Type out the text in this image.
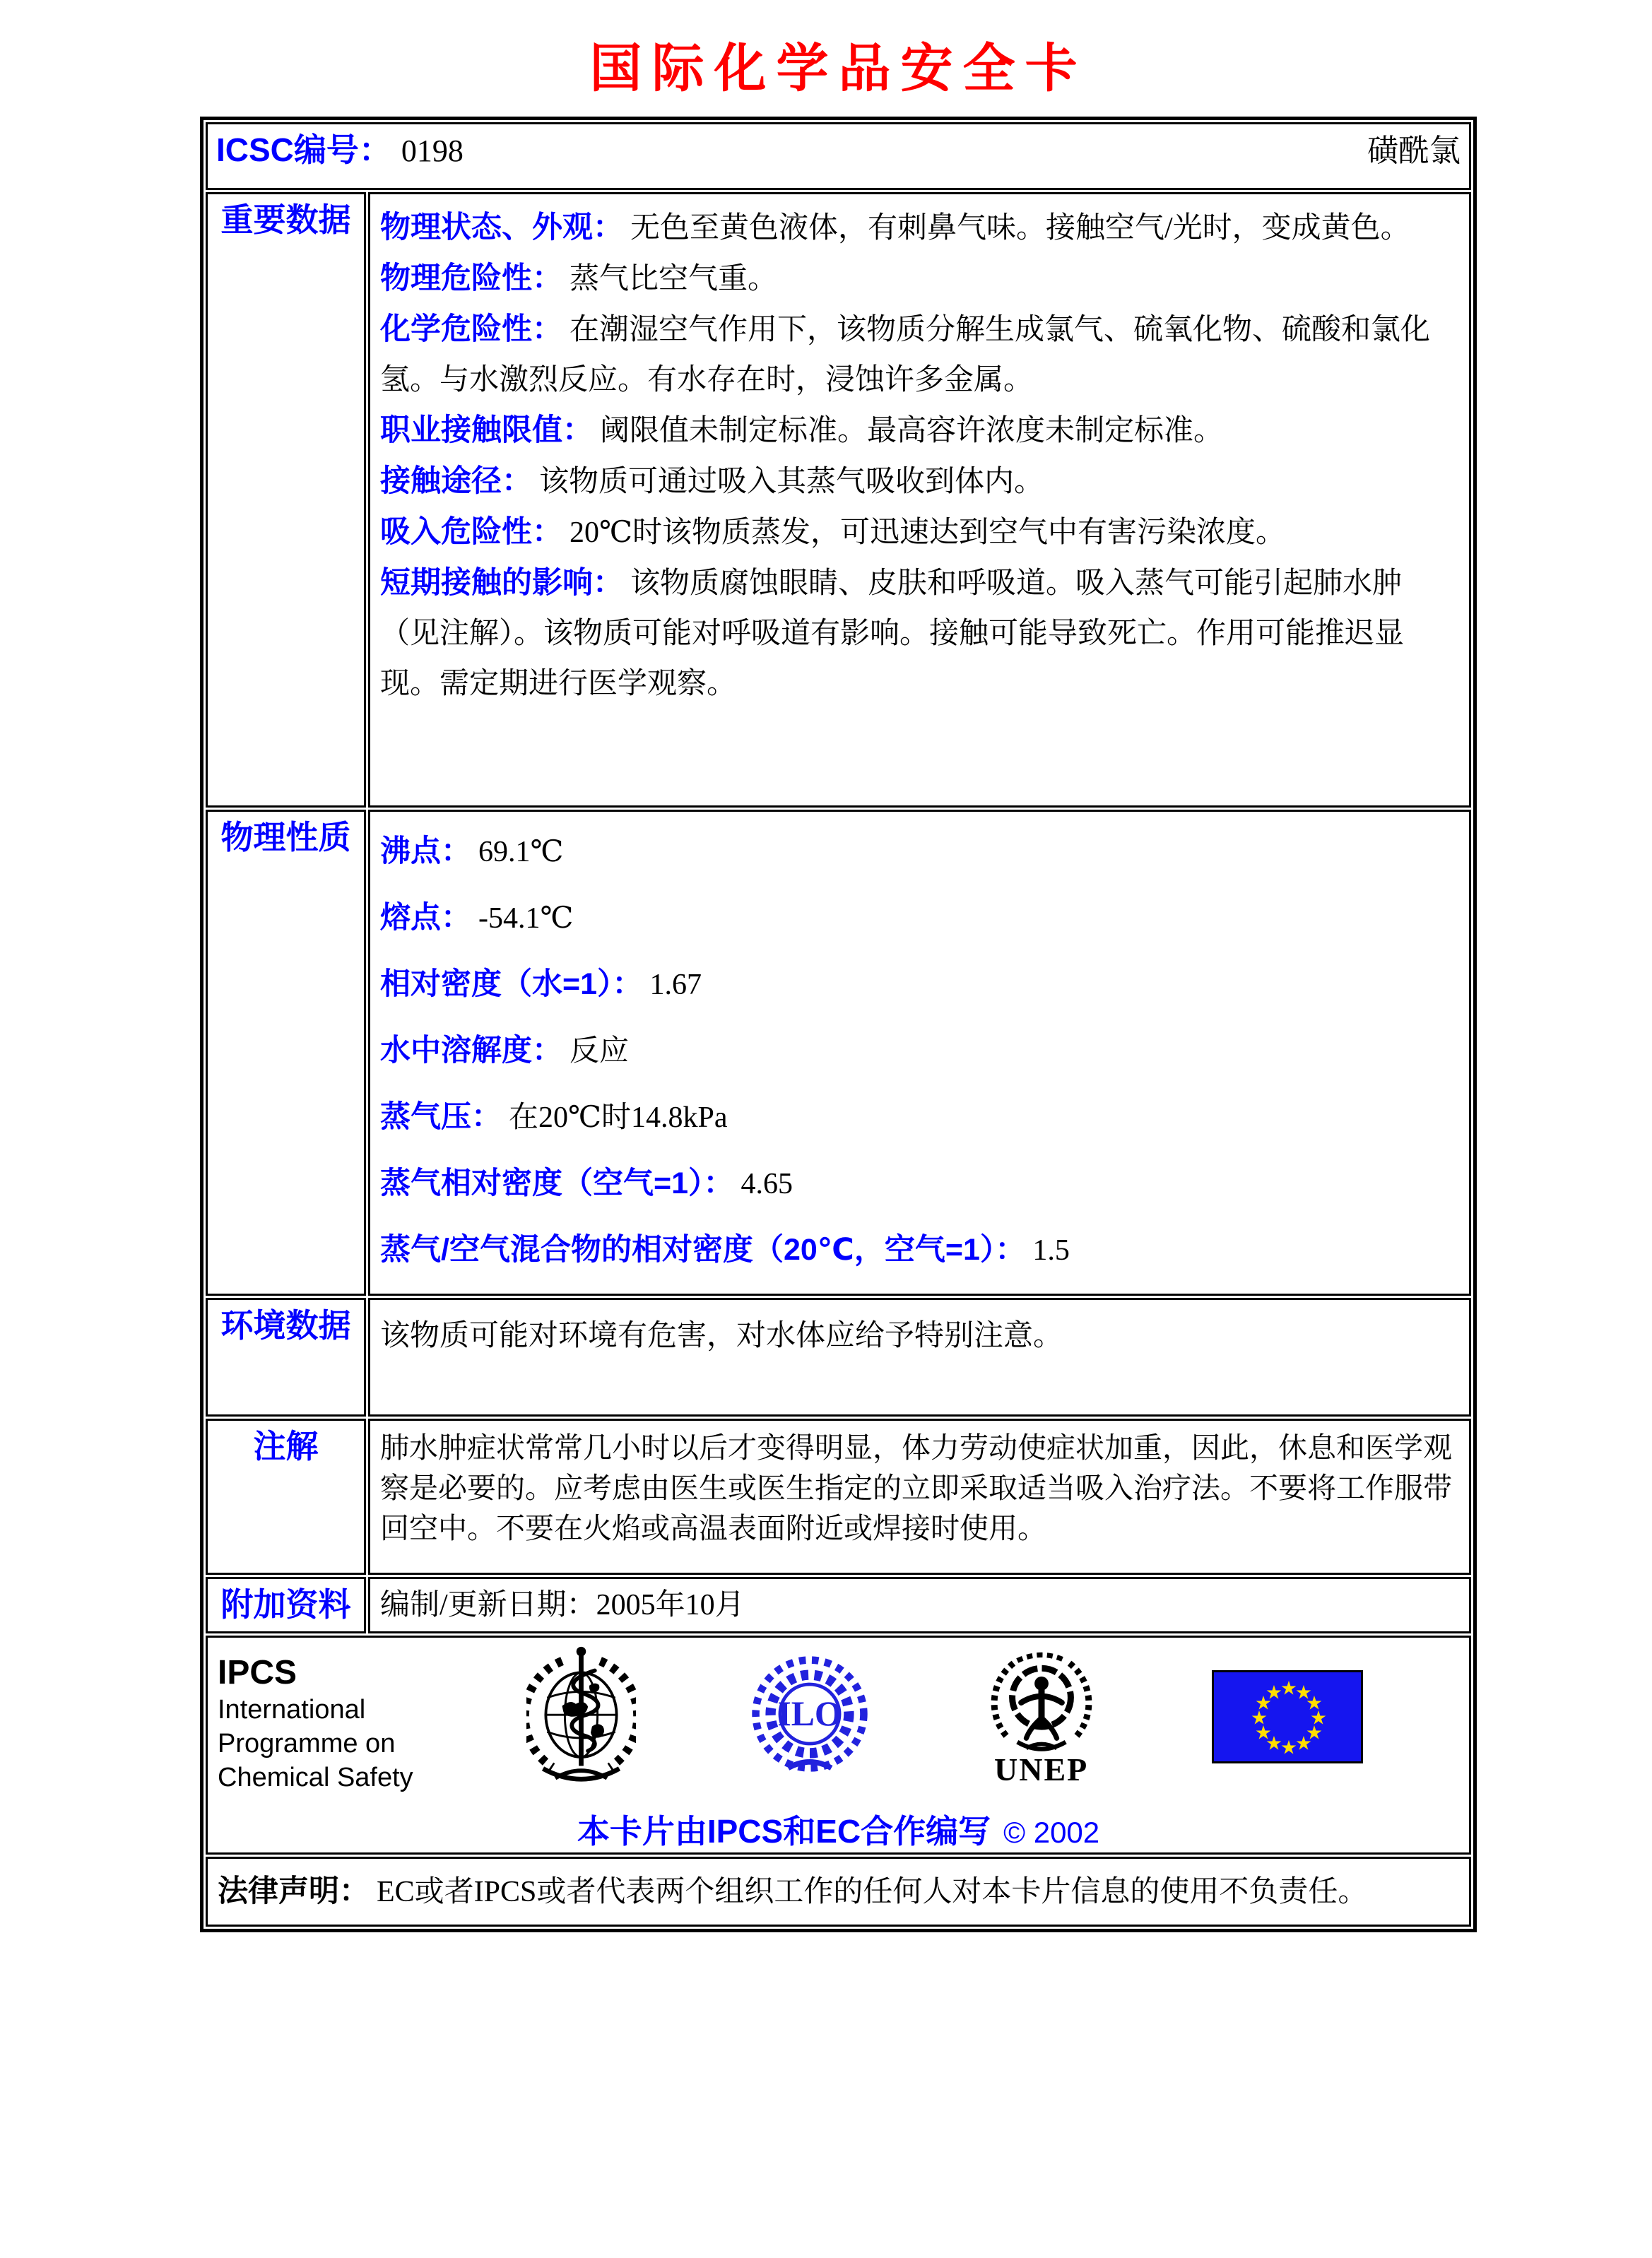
国际化学品安全卡
ICSC编号： 0198 磺酰氯	

重要数据	物理状态、外观： 无色至黄色液体，有刺鼻气味。接触空气/光时，变成黄色。
物理危险性： 蒸气比空气重。
化学危险性： 在潮湿空气作用下，该物质分解生成氯气、硫氧化物、硫酸和氯化氢。与水激烈反应。有水存在时，浸蚀许多金属。
职业接触限值： 阈限值未制定标准。最高容许浓度未制定标准。
接触途径： 该物质可通过吸入其蒸气吸收到体内。
吸入危险性： 20℃时该物质蒸发，可迅速达到空气中有害污染浓度。
短期接触的影响： 该物质腐蚀眼睛、皮肤和呼吸道。吸入蒸气可能引起肺水肿（见注解）。该物质可能对呼吸道有影响。接触可能导致死亡。作用可能推迟显现。需定期进行医学观察。

物理性质	沸点： 69.1℃
熔点： -54.1℃
相对密度（水=1）： 1.67
水中溶解度： 反应
蒸气压： 在20℃时14.8kPa
蒸气相对密度（空气=1）： 4.65
蒸气/空气混合物的相对密度（20℃，空气=1）： 1.5

环境数据	该物质可能对环境有危害，对水体应给予特别注意。
注解	肺水肿症状常常几小时以后才变得明显，体力劳动使症状加重，因此，休息和医学观察是必要的。应考虑由医生或医生指定的立即采取适当吸入治疗法。不要将工作服带回空中。不要在火焰或高温表面附近或焊接时使用。
附加资料	编制/更新日期：2005年10月

IPCS
International
Programme on
Chemical Safety
ILO
UNEP
★
★
★
★
★
★
★
★
★
★
★
★
本卡片由IPCS和EC合作编写 © 2002

法律声明： EC或者IPCS或者代表两个组织工作的任何人对本卡片信息的使用不负责任。	
